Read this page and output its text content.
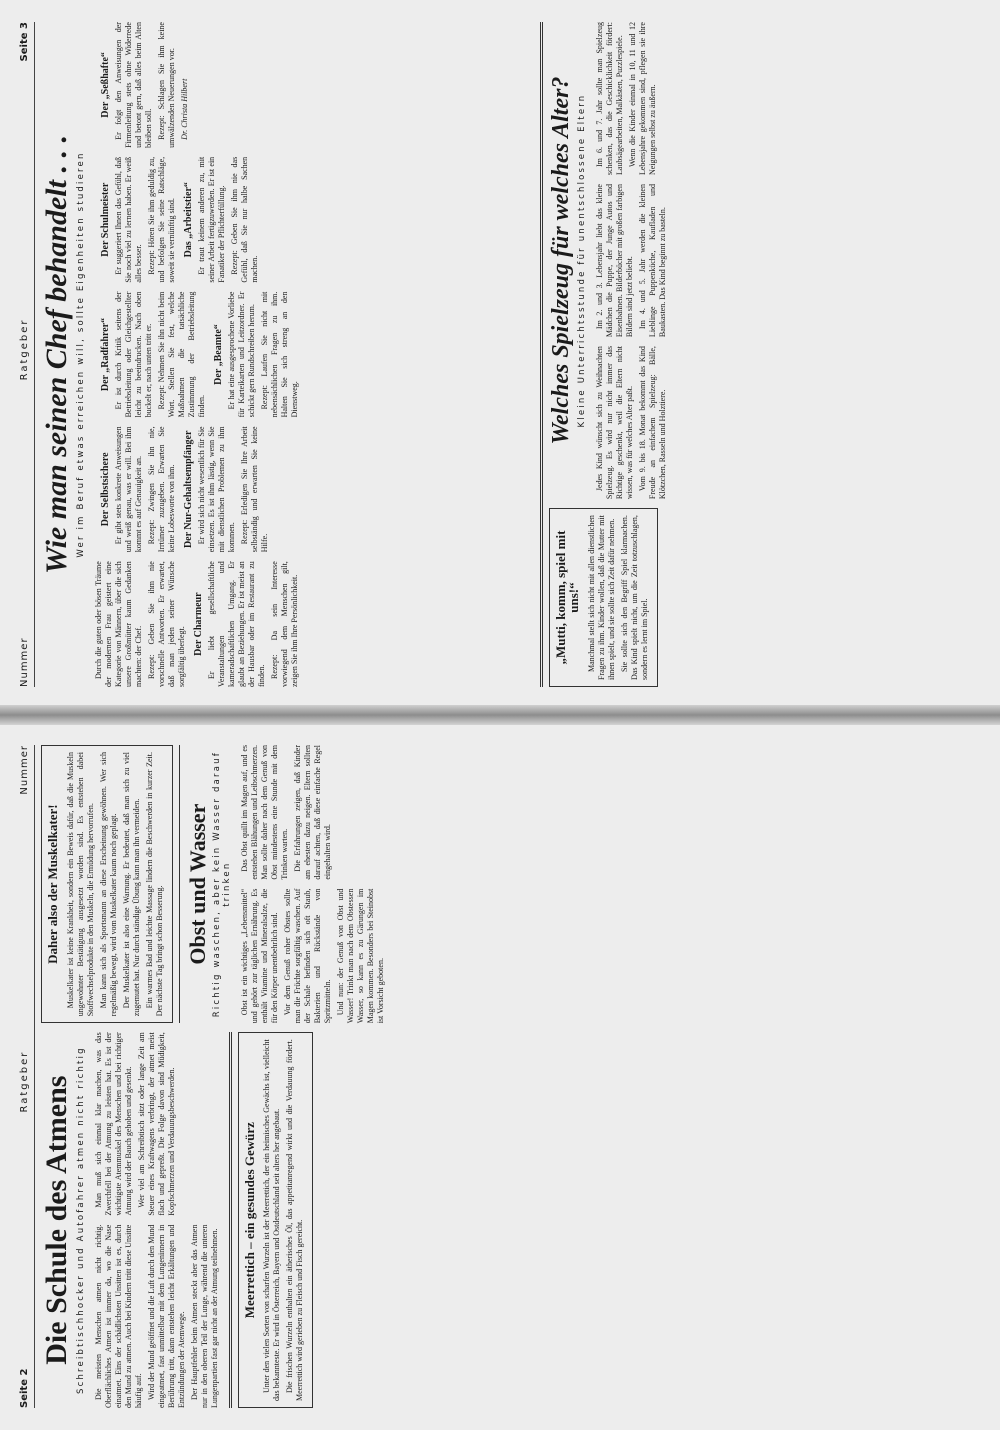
Seite 2
Ratgeber
Nummer
Die Schule des Atmens Schreibtischhocker und Autofahrer atmen nicht richtig Die meisten Menschen atmen nicht richtig. Oberflächliches Atmen ist immer da, wo die Nase einatmet. Eins der schädlichsten Unsitten ist es, durch den Mund zu atmen. Auch bei Kindern tritt diese Unsitte häufig auf. Wird der Mund geöffnet und die Luft durch den Mund eingeatmet, fast unmittelbar mit dem Lungeninnern in Berührung tritt, dann entstehen leicht Erkältungen und Entzündungen der Atemwege. Der Hauptfehler beim Atmen steckt aber das Atmen nur in den oberen Teil der Lunge, während die unteren Lungenpartien fast gar nicht an der Atmung teilnehmen.

Man muß sich einmal klar machen, was das Zwerchfell bei der Atmung zu leisten hat. Es ist der wichtigste Atemmuskel des Menschen und bei richtiger Atmung wird der Bauch gehoben und gesenkt. Wer viel am Schreibtisch sitzt oder lange Zeit am Steuer eines Kraftwagens verbringt, der atmet meist flach und gepreßt. Die Folge davon sind Müdigkeit, Kopfschmerzen und Verdauungsbeschwerden.	Meerrettich – ein gesundes Gewürz Unter den vielen Sorten von scharfen Wurzeln ist der Meerrettich, der ein heimisches Gewächs ist, vielleicht das bekannteste. Er wird in Österreich, Bayern und Ostdeutschland seit alters her angebaut. Die frischen Wurzeln enthalten ein ätherisches Öl, das appetitanregend wirkt und die Verdauung fördert. Meerrettich wird gerieben zu Fleisch und Fisch gereicht.

Daher also der Muskelkater! Muskelkater ist keine Krankheit, sondern ein Beweis dafür, daß die Muskeln ungewohnter Bestätigung ausgesetzt worden sind. Es entstehen dabei Stoffwechselprodukte in den Muskeln, die Ermüdung hervorrufen. Man kann sich als Sportsmann an diese Erscheinung gewöhnen. Wer sich regelmäßig bewegt, wird vom Muskelkater kaum noch geplagt. Der Muskelkater ist also eine Warnung. Er bedeutet, daß man sich zu viel zugemutet hat. Nur durch ständige Übung kann man ihn vermeiden. Ein warmes Bad und leichte Massage lindern die Beschwerden in kurzer Zeit. Der nächste Tag bringt schon Besserung. Obst und Wasser Richtig waschen, aber kein Wasser darauf trinken

Obst ist ein wichtiges „Lebensmittel“ und gehört zur täglichen Ernährung. Es enthält Vitamine und Mineralsalze, die für den Körper unentbehrlich sind. Vor dem Genuß roher Obstes sollte man die Früchte sorgfältig waschen. Auf der Schale befinden sich oft Staub, Bakterien und Rückstände von Spritzmitteln. Und nun: der Genuß von Obst und Wasser! Trinkt man nach dem Obstessen Wasser, so kann es zu Gärungen im Magen kommen. Besonders bei Steinobst ist Vorsicht geboten.

Das Obst quillt im Magen auf, und es entstehen Blähungen und Leibschmerzen. Man sollte daher nach dem Genuß von Obst mindestens eine Stunde mit dem Trinken warten. Die Erfahrungen zeigen, daß Kinder am ehesten dazu neigen. Eltern sollten darauf achten, daß diese einfache Regel eingehalten wird.

Nummer
Ratgeber
Seite 3
Wie man seinen Chef behandelt . . . Wer im Beruf etwas erreichen will, sollte Eigenheiten studieren

Durch die guten oder bösen Träume der modernen Frau geistert eine Kategorie von Männern, über die sich unsere Großmütter kaum Gedanken machten: der Chef. Rezept: Geben Sie ihm nie vorschnelle Antworten. Er erwartet, daß man jeden seiner Wünsche sorgfältig überlegt.

Der Charmeur Er liebt gesellschaftliche Veranstaltungen und kameradschaftlichen Umgang. Er glaubt an Beziehungen. Er ist meist an der Hausbar oder im Restaurant zu finden. Rezept: Da sein Interesse vorwiegend dem Menschen gilt, zeigen Sie ihm Ihre Persönlichkeit.

Der Selbstsichere Er gibt stets konkrete Anweisungen und weiß genau, was er will. Bei ihm kommt es auf Genauigkeit an. Rezept: Zwingen Sie ihn nie, Irrtümer zuzugeben. Erwarten Sie keine Lobesworte von ihm. Der Nur-Gehaltsempfänger Er wird sich nicht wesentlich für Sie einsetzen. Es ist ihm lästig, wenn Sie mit dienstlichen Problemen zu ihm kommen. Rezept: Erledigen Sie Ihre Arbeit selbständig und erwarten Sie keine Hilfe.

Der „Radfahrer“ Er ist durch Kritik seitens der Betriebsleitung oder Gleichgestellter leicht zu beeindrucken. Nach oben buckelt er, nach unten tritt er. Rezept: Nehmen Sie ihn nicht beim Wort. Stellen Sie fest, welche Maßnahmen die tatsächliche Zustimmung der Betriebsleitung finden.

Der „Beamte“ Er hat eine ausgesprochene Vorliebe für Karteikarten und Leitzordner. Er schickt gern Rundschreiben herum. Rezept: Laufen Sie nicht mit nebensächlichen Fragen zu ihm. Halten Sie sich streng an den Dienstweg.

Der Schulmeister Er suggeriert Ihnen das Gefühl, daß Sie noch viel zu lernen haben. Er weiß alles besser. Rezept: Hören Sie ihm geduldig zu, und befolgen Sie seine Ratschläge, soweit sie vernünftig sind. Das „Arbeitstier“ Er traut keinem anderen zu, mit seiner Arbeit fertigzuwerden. Er ist ein Fanatiker der Pflichterfüllung. Rezept: Geben Sie ihm nie das Gefühl, daß Sie nur halbe Sachen machen.

Der „Seßhafte“ Er folgt den Anweisungen der Firmenleitung stets ohne Widerrede und betont gern, daß alles beim Alten bleiben soll. Rezept: Schlagen Sie ihm keine umwälzenden Neuerungen vor. Dr. Christa Hilbert

„Mutti, komm, spiel mit uns!“ Manchmal stellt sich nicht mit allen dienstlichen Fragen zu ihm. Kinder wollen, daß die Mutter mit ihnen spielt, und sie sollte sich Zeit dafür nehmen. Sie sollte sich den Begriff Spiel klarmachen. Das Kind spielt nicht, um die Zeit totzuschlagen, sondern es lernt im Spiel.

Welches Spielzeug für welches Alter? Kleine Unterrichtsstunde für unentschlossene Eltern Jedes Kind wünscht sich zu Weihnachten Spielzeug. Es wird nur nicht immer das Richtige geschenkt, weil die Eltern nicht wissen, was für welches Alter paßt. Vom 9. bis 18. Monat bekommt das Kind Freude an einfachem Spielzeug: Bälle, Klötzchen, Rasseln und Holztiere.

Im 2. und 3. Lebensjahr liebt das kleine Mädchen die Puppe, der Junge Autos und Eisenbahnen. Bilderbücher mit großen farbigen Bildern sind jetzt beliebt. Im 4. und 5. Jahr werden die kleinen Lieblinge Puppenküche, Kaufladen und Baukasten. Das Kind beginnt zu basteln.

Im 6. und 7. Jahr sollte man Spielzeug schenken, das die Geschicklichkeit fördert: Laubsägearbeiten, Malkästen, Puzzlespiele. Wenn die Kinder einmal in 10, 11 und 12 Lebensjahre gekommen sind, pflegen sie ihre Neigungen selbst zu äußern.
